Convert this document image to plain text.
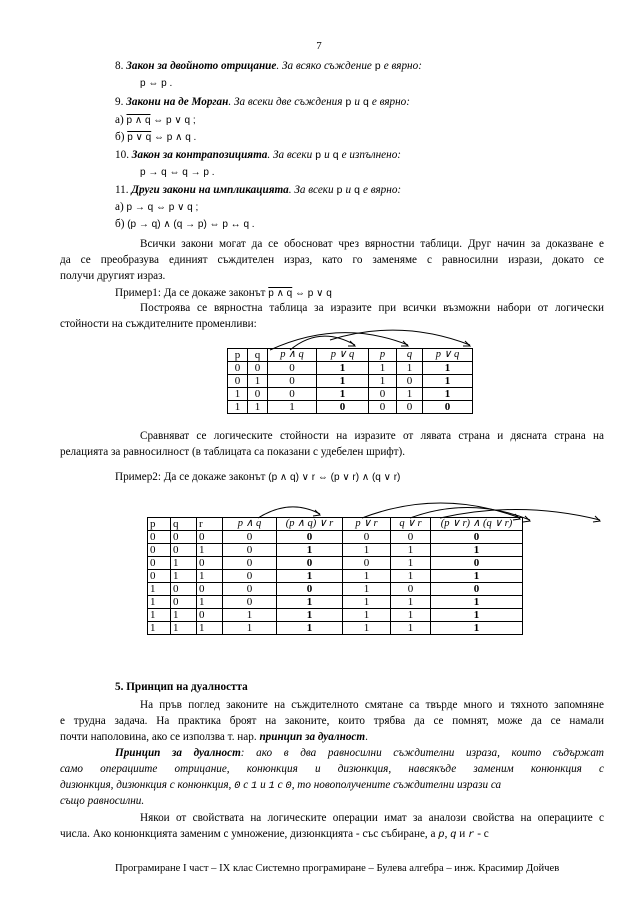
7
8. Закон за двойното отрицание. За всяко съждение p е вярно:
p ⇔ p .
9. Закони на де Морган. За всеки две съждения p и q е вярно:
а) p ∧ q ⇔ p ∨ q ;
б) p ∨ q ⇔ p ∧ q .
10. Закон за контрапозицията. За всеки p и q е изпълнено:
p → q ⇔ q → p .
11. Други закони на импликацията. За всеки p и q е вярно:
а) p → q ⇔ p ∨ q ;
б) (p → q) ∧ (q → p) ⇔ p ↔ q .
Всички закони могат да се обоснoват чрез вярностни таблици. Друг начин за доказване е
да се преобразува единият съждителен израз, като го заменяме с равносилни изрази, докато се
получи другият израз.
Пример1: Да се докаже законът p ∧ q ⇔ p ∨ q
Построява се вярностна таблица за изразите при всички възможни набори от логически
стойности на съждителните променливи:
p	q	p ∧ q	p ∨ q	$\overline{p}$	$\overline{q}$	p ∨ q
0	0	0	1	1	1	1
0	1	0	1	1	0	1
1	0	0	1	0	1	1
1	1	1	0	0	0	0
Сравняват се логическите стойности на изразите от лявата страна и дясната страна на
релацията за равносилност (в таблицата са показани с удебелен шрифт).
Пример2: Да се докаже законът (p ∧ q) ∨ r ⇔ (p ∨ r) ∧ (q ∨ r)
p	q	r	p ∧ q	(p ∧ q) ∨ r	p ∨ r	q ∨ r	(p ∨ r) ∧ (q ∨ r)
0	0	0	0	0	0	0	0
0	0	1	0	1	1	1	1
0	1	0	0	0	0	1	0
0	1	1	0	1	1	1	1
1	0	0	0	0	1	0	0
1	0	1	0	1	1	1	1
1	1	0	1	1	1	1	1
1	1	1	1	1	1	1	1
5. Принцип на дуалността
На пръв поглед законите на съждителното смятане са твърде много и тяхното запомняне
е трудна задача. На практика броят на законите, които трябва да се помнят, може да се намали
почти наполовина, ако се използва т. нар. принцип за дуалност.
Принцип за дуалност: ако в два равносилни съждителни израза, които съдържат
само операциите отрицание, конюнкция и дизюнкция, навсякъде заменим конюнкция с
дизюнкция, дизюнкция с конюнкция, 0 с 1 и 1 с 0, то новополучените съждителни изрази са
също равносилни.
Някои от свойствата на логическите операции имат за аналози свойства на операциите с
числа. Ако конюнкцията заменим с умножение, дизюнкцията - със събиране, а p, q и r - с
Програмиране I част – IX клас Системно програмиране – Булева алгебра – инж. Красимир Дойчев
